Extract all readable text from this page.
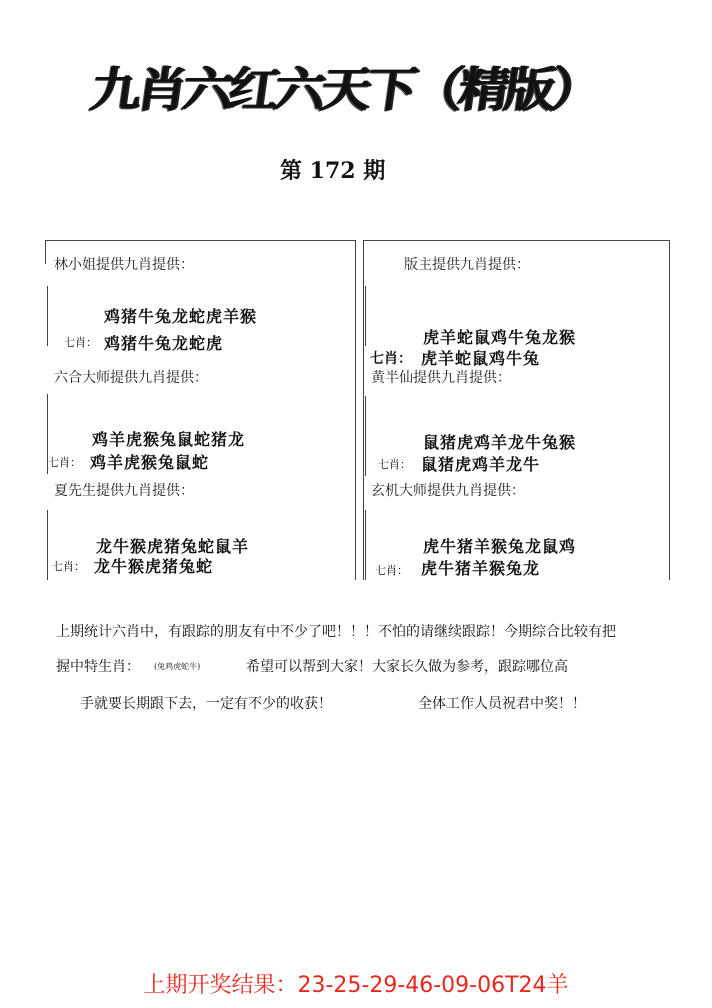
九肖六红六天下（精版）
第 172 期
林小姐提供九肖提供：
鸡猪牛兔龙蛇虎羊猴
七肖： 鸡猪牛兔龙蛇虎
版主提供九肖提供：
虎羊蛇鼠鸡牛兔龙猴
七肖： 虎羊蛇鼠鸡牛兔
六合大师提供九肖提供：
鸡羊虎猴兔鼠蛇猪龙
七肖： 鸡羊虎猴兔鼠蛇
黄半仙提供九肖提供：
鼠猪虎鸡羊龙牛兔猴
七肖： 鼠猪虎鸡羊龙牛
夏先生提供九肖提供：
龙牛猴虎猪兔蛇鼠羊
七肖： 龙牛猴虎猪兔蛇
玄机大师提供九肖提供：
虎牛猪羊猴兔龙鼠鸡
七肖： 虎牛猪羊猴兔龙
上期统计六肖中，有跟踪的朋友有中不少了吧！！！不怕的请继续跟踪！今期综合比较有把
握中特生肖： (兔鸡虎蛇牛)	希望可以帮到大家！大家长久做为参考，跟踪哪位高
手就要长期跟下去，一定有不少的收获！	全体工作人员祝君中奖！！
上期开奖结果：23-25-29-46-09-06T24羊
